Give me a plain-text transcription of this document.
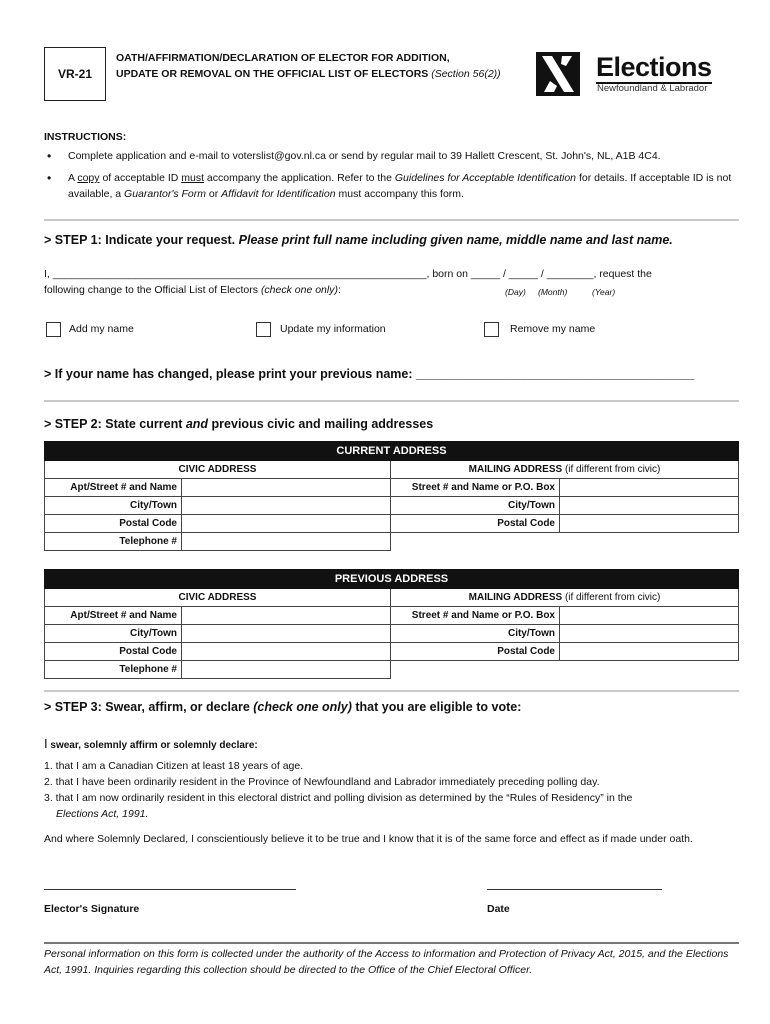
VR-21
OATH/AFFIRMATION/DECLARATION OF ELECTOR FOR ADDITION,
UPDATE OR REMOVAL ON THE OFFICIAL LIST OF ELECTORS (Section 56(2))	Elections
Newfoundland & Labrador
INSTRUCTIONS:
• Complete application and e-mail to voterslist@gov.nl.ca or send by regular mail to 39 Hallett Crescent, St. John's, NL, A1B 4C4.
• A copy of acceptable ID must accompany the application. Refer to the Guidelines for Acceptable Identification for details. If acceptable ID is not available, a Guarantor's Form or Affidavit for Identification must accompany this form.
> STEP 1: Indicate your request. Please print full name including given name, middle name and last name.
I, ________________________________________________________________, born on _____ / _____ / ________, request the
following change to the Official List of Electors (check one only):	(Day) (Month)	(Year)
Add my name	Update my information	Remove my name
> If your name has changed, please print your previous name: ________________________________________
> STEP 2: State current and previous civic and mailing addresses
CURRENT ADDRESS			
CIVIC ADDRESS		MAILING ADDRESS (if different from civic)	
Apt/Street # and Name		Street # and Name or P.O. Box	
City/Town		City/Town	
Postal Code		Postal Code	
Telephone #			
PREVIOUS ADDRESS			
CIVIC ADDRESS		MAILING ADDRESS (if different from civic)	
Apt/Street # and Name		Street # and Name or P.O. Box	
City/Town		City/Town	
Postal Code		Postal Code	
Telephone #			
> STEP 3: Swear, affirm, or declare (check one only) that you are eligible to vote:
I swear, solemnly affirm or solemnly declare:
1. that I am a Canadian Citizen at least 18 years of age.
2. that I have been ordinarily resident in the Province of Newfoundland and Labrador immediately preceding polling day.
3. that I am now ordinarily resident in this electoral district and polling division as determined by the “Rules of Residency” in the
Elections Act, 1991.
And where Solemnly Declared, I conscientiously believe it to be true and I know that it is of the same force and effect as if made under oath.
Elector's Signature	Date
Personal information on this form is collected under the authority of the Access to information and Protection of Privacy Act, 2015, and the Elections Act, 1991. Inquiries regarding this collection should be directed to the Office of the Chief Electoral Officer.
